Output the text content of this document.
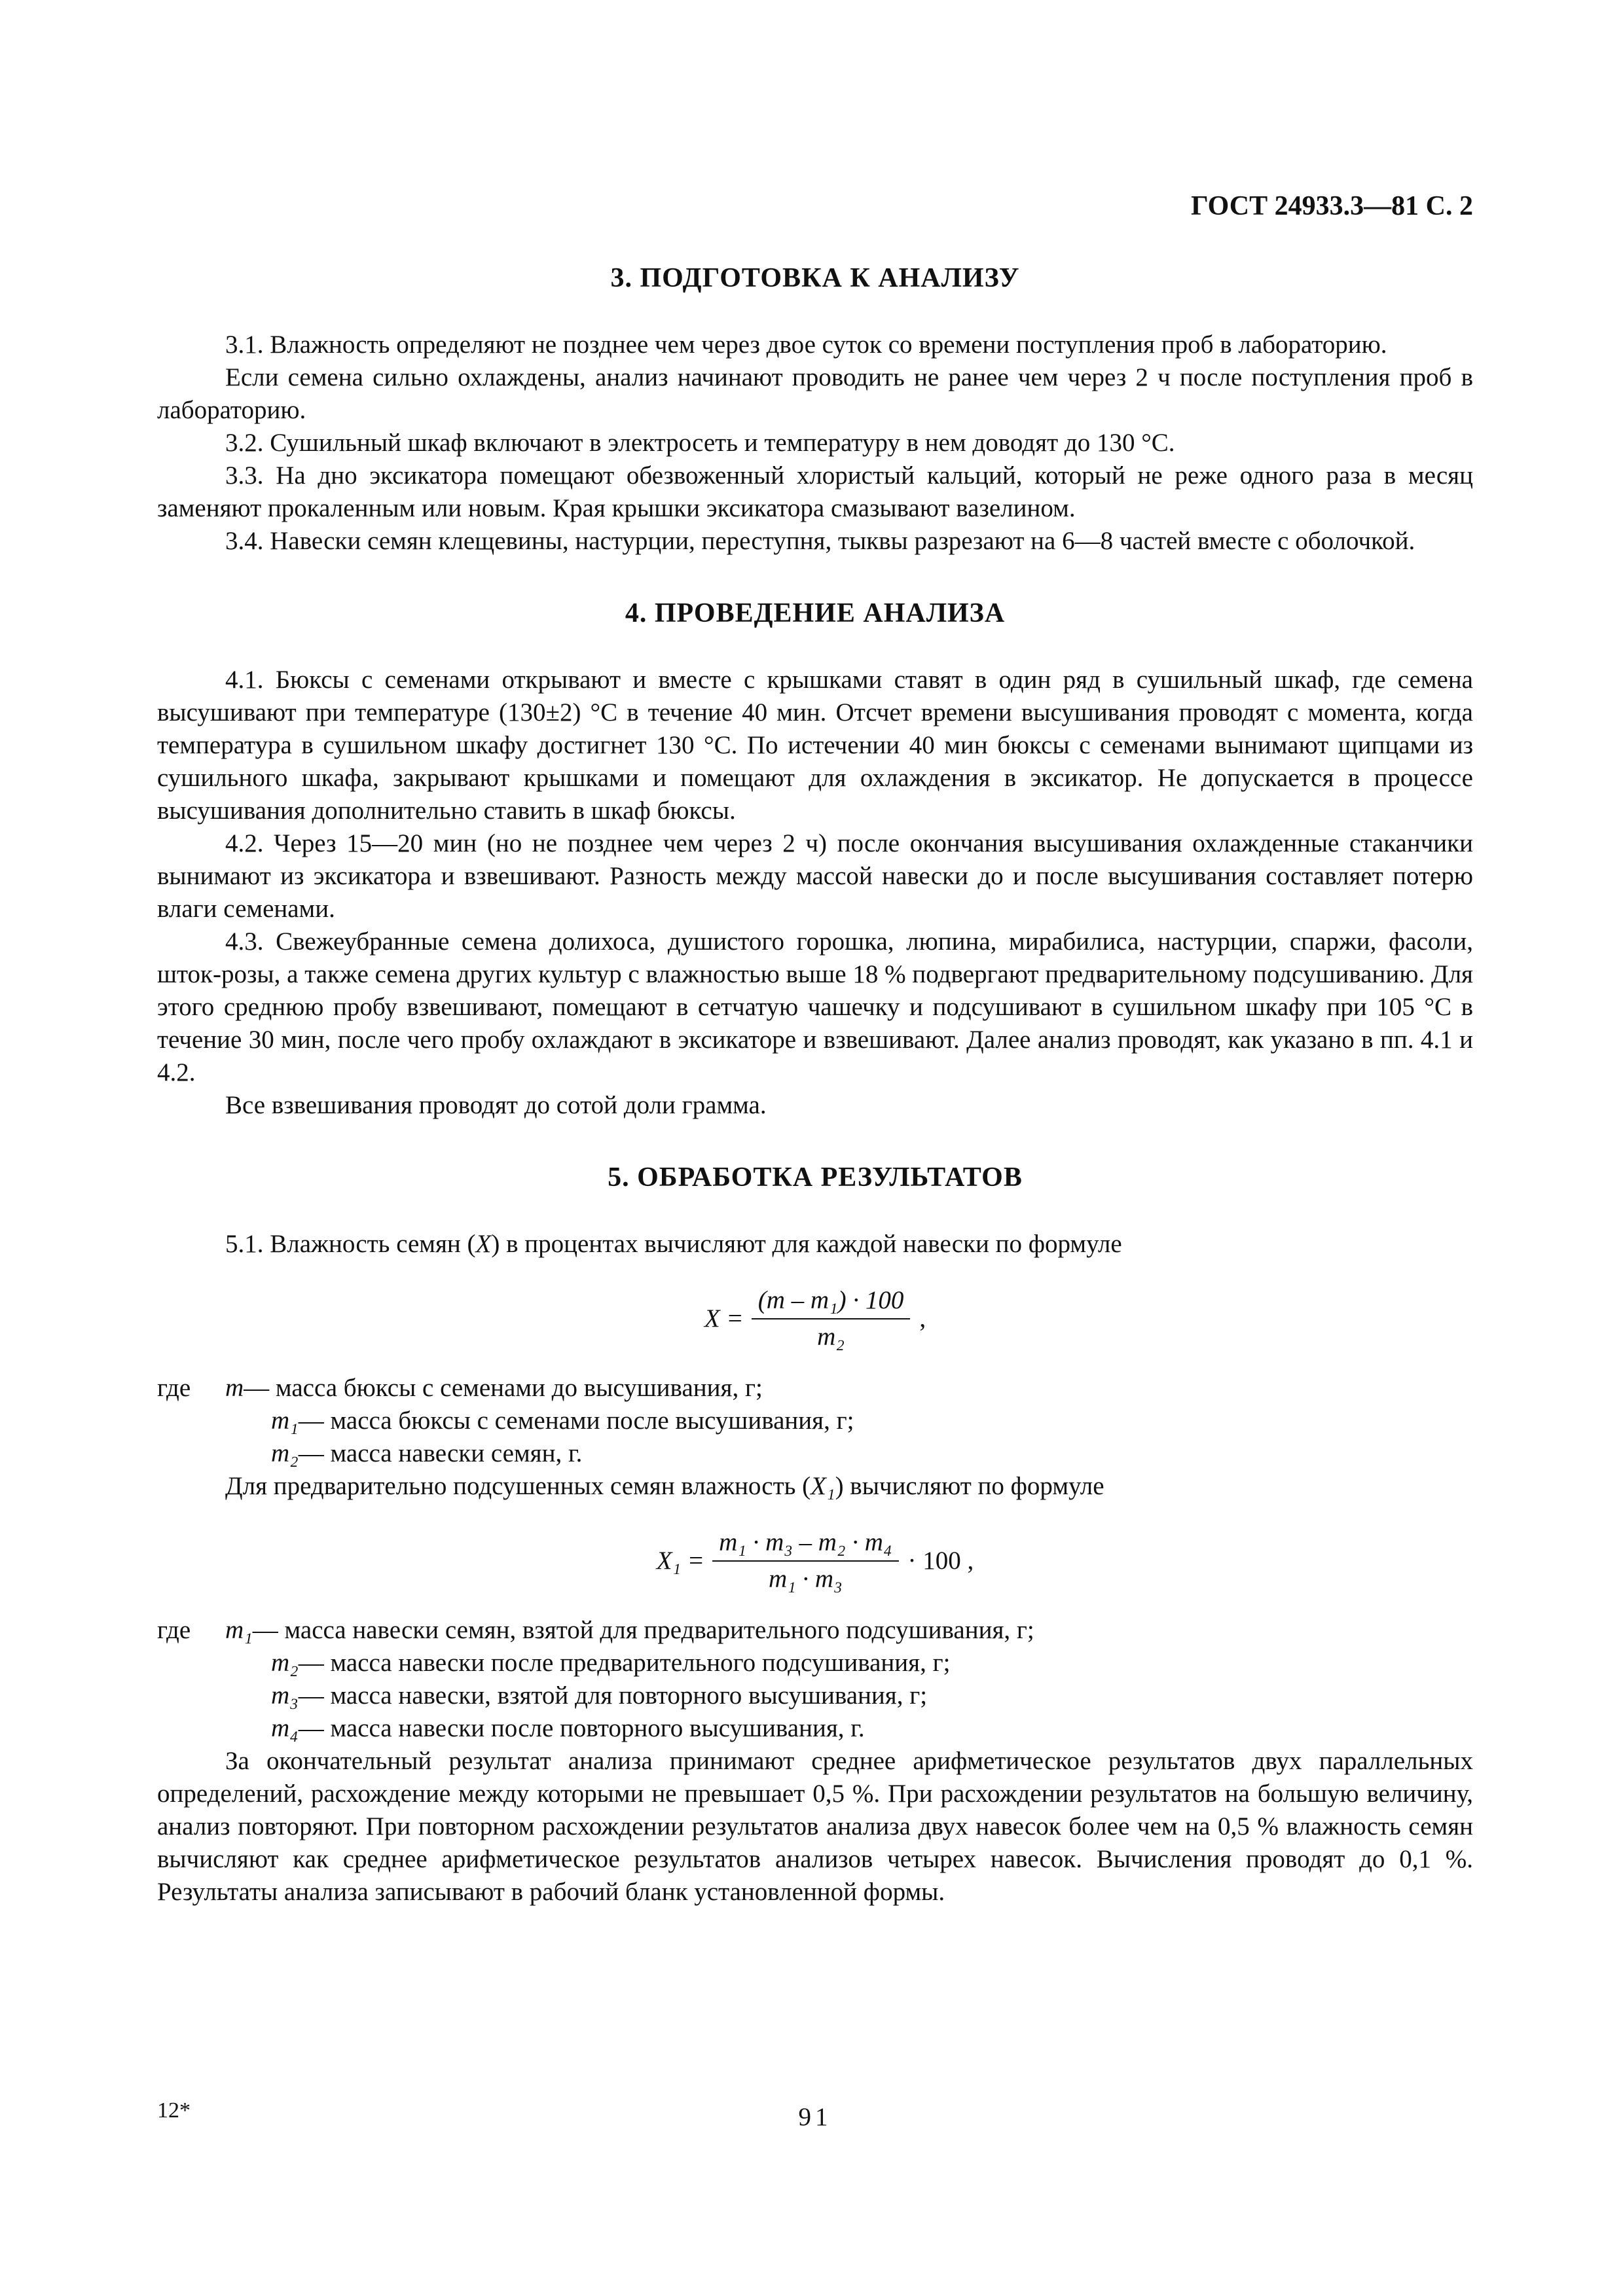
ГОСТ 24933.3—81 С. 2
3. ПОДГОТОВКА К АНАЛИЗУ

3.1. Влажность определяют не позднее чем через двое суток со времени поступления проб в лабораторию.

Если семена сильно охлаждены, анализ начинают проводить не ранее чем через 2 ч после поступления проб в лабораторию.

3.2. Сушильный шкаф включают в электросеть и температуру в нем доводят до 130 °С.

3.3. На дно эксикатора помещают обезвоженный хлористый кальций, который не реже одного раза в месяц заменяют прокаленным или новым. Края крышки эксикатора смазывают вазелином.

3.4. Навески семян клещевины, настурции, переступня, тыквы разрезают на 6—8 частей вместе с оболочкой.

4. ПРОВЕДЕНИЕ АНАЛИЗА

4.1. Бюксы с семенами открывают и вместе с крышками ставят в один ряд в сушильный шкаф, где семена высушивают при температуре (130±2) °С в течение 40 мин. Отсчет времени высушивания проводят с момента, когда температура в сушильном шкафу достигнет 130 °С. По истечении 40 мин бюксы с семенами вынимают щипцами из сушильного шкафа, закрывают крышками и помещают для охлаждения в эксикатор. Не допускается в процессе высушивания дополнительно ставить в шкаф бюксы.

4.2. Через 15—20 мин (но не позднее чем через 2 ч) после окончания высушивания охлажденные стаканчики вынимают из эксикатора и взвешивают. Разность между массой навески до и после высушивания составляет потерю влаги семенами.

4.3. Свежеубранные семена долихоса, душистого горошка, люпина, мирабилиса, настурции, спаржи, фасоли, шток-розы, а также семена других культур с влажностью выше 18 % подвергают предварительному подсушиванию. Для этого среднюю пробу взвешивают, помещают в сетчатую чашечку и подсушивают в сушильном шкафу при 105 °С в течение 30 мин, после чего пробу охлаждают в эксикаторе и взвешивают. Далее анализ проводят, как указано в пп. 4.1 и 4.2.

Все взвешивания проводят до сотой доли грамма.

5. ОБРАБОТКА РЕЗУЛЬТАТОВ

5.1. Влажность семян (X) в процентах вычисляют для каждой навески по формуле

$X = \frac{\text{(m – m₁) · 100}}{\text{m₂}}$ ,
где	m — масса бюксы с семенами до высушивания, г;
m₁ — масса бюксы с семенами после высушивания, г;
m₂ — масса навески семян, г.

Для предварительно подсушенных семян влажность (X₁) вычисляют по формуле

$X_1 = \frac{\text{m₁ · m₃ – m₂ · m₄}}{\text{m₁ · m₃}} \cdot 100$ ,
где	m₁ — масса навески семян, взятой для предварительного подсушивания, г;
m₂ — масса навески после предварительного подсушивания, г;
m₃ — масса навески, взятой для повторного высушивания, г;
m₄ — масса навески после повторного высушивания, г.

За окончательный результат анализа принимают среднее арифметическое результатов двух параллельных определений, расхождение между которыми не превышает 0,5 %. При расхождении результатов на большую величину, анализ повторяют. При повторном расхождении результатов анализа двух навесок более чем на 0,5 % влажность семян вычисляют как среднее арифметическое результатов анализов четырех навесок. Вычисления проводят до 0,1 %. Результаты анализа записывают в рабочий бланк установленной формы.

12*	91
